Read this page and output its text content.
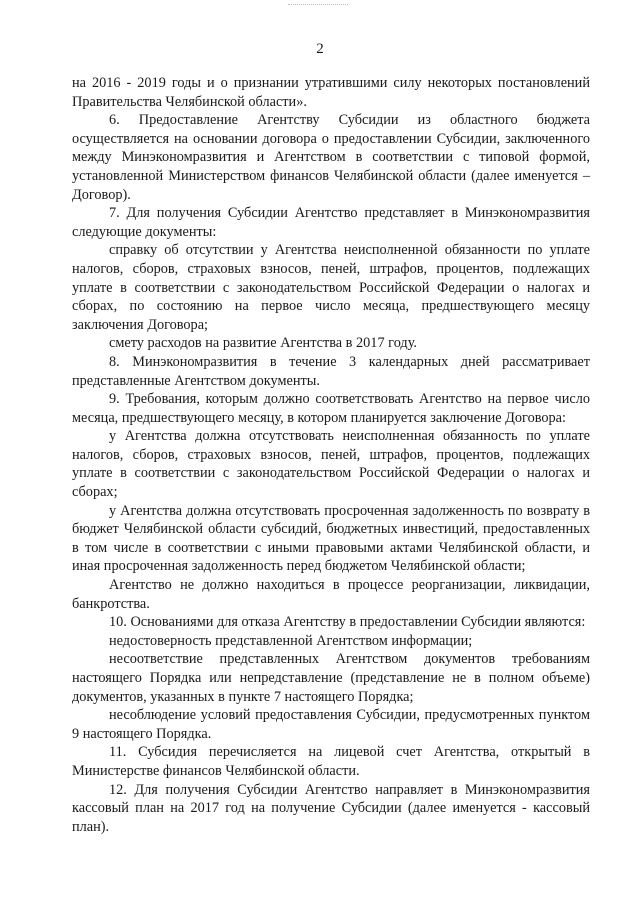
2

на 2016 - 2019 годы и о признании утратившими силу некоторых постановлений Правительства Челябинской области».

6. Предоставление Агентству Субсидии из областного бюджета осуществляется на основании договора о предоставлении Субсидии, заключенного между Минэкономразвития и Агентством в соответствии с типовой формой, установленной Министерством финансов Челябинской области (далее именуется – Договор).

7. Для получения Субсидии Агентство представляет в Минэкономразвития следующие документы:

справку об отсутствии у Агентства неисполненной обязанности по уплате налогов, сборов, страховых взносов, пеней, штрафов, процентов, подлежащих уплате в соответствии с законодательством Российской Федерации о налогах и сборах, по состоянию на первое число месяца, предшествующего месяцу заключения Договора;

смету расходов на развитие Агентства в 2017 году.

8. Минэкономразвития в течение 3 календарных дней рассматривает представленные Агентством документы.

9. Требования, которым должно соответствовать Агентство на первое число месяца, предшествующего месяцу, в котором планируется заключение Договора:

у Агентства должна отсутствовать неисполненная обязанность по уплате налогов, сборов, страховых взносов, пеней, штрафов, процентов, подлежащих уплате в соответствии с законодательством Российской Федерации о налогах и сборах;

у Агентства должна отсутствовать просроченная задолженность по возврату в бюджет Челябинской области субсидий, бюджетных инвестиций, предоставленных в том числе в соответствии с иными правовыми актами Челябинской области, и иная просроченная задолженность перед бюджетом Челябинской области;

Агентство не должно находиться в процессе реорганизации, ликвидации, банкротства.

10. Основаниями для отказа Агентству в предоставлении Субсидии являются:

недостоверность представленной Агентством информации;

несоответствие представленных Агентством документов требованиям настоящего Порядка или непредставление (представление не в полном объеме) документов, указанных в пункте 7 настоящего Порядка;

несоблюдение условий предоставления Субсидии, предусмотренных пунктом 9 настоящего Порядка.

11. Субсидия перечисляется на лицевой счет Агентства, открытый в Министерстве финансов Челябинской области.

12. Для получения Субсидии Агентство направляет в Минэкономразвития кассовый план на 2017 год на получение Субсидии (далее именуется - кассовый план).
